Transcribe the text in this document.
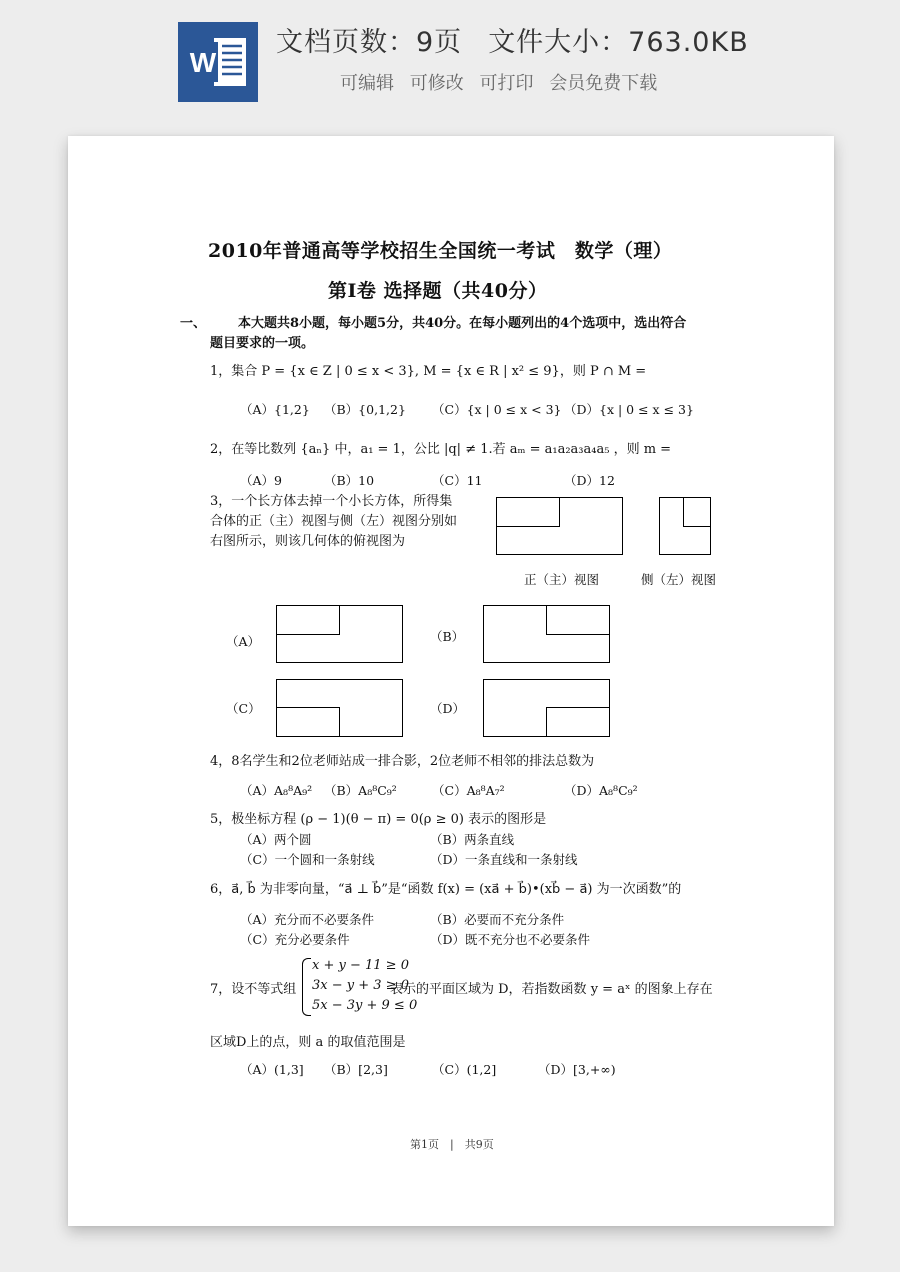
W
文档页数：9页 文件大小：763.0KB
可编辑 可修改 可打印 会员免费下载
2010年普通高等学校招生全国统一考试　数学（理）
第I卷 选择题（共40分）
一、 本大题共8小题，每小题5分，共40分。在每小题列出的4个选项中，选出符合
题目要求的一项。
1，集合 P = {x ∈ Z | 0 ≤ x < 3}, M = {x ∈ R | x² ≤ 9}，则 P ∩ M =
（A）{1,2} （B）{0,1,2} （C）{x | 0 ≤ x < 3} （D）{x | 0 ≤ x ≤ 3}
2，在等比数列 {aₙ} 中，a₁ = 1，公比 |q| ≠ 1.若 aₘ = a₁a₂a₃a₄a₅ ，则 m =
（A）9	（B）10	（C）11	（D）12
3，一个长方体去掉一个小长方体，所得集
合体的正（主）视图与侧（左）视图分别如
右图所示，则该几何体的俯视图为
正（主）视图	侧（左）视图
（A）	（B）
（C）	（D）
4，8名学生和2位老师站成一排合影，2位老师不相邻的排法总数为
（A）A₈⁸A₉² （B）A₈⁸C₉²	（C）A₈⁸A₇²	（D）A₈⁸C₉²
5，极坐标方程 (ρ − 1)(θ − π) = 0(ρ ≥ 0) 表示的图形是
（A）两个圆	（B）两条直线
（C）一个圆和一条射线	（D）一条直线和一条射线
6，a⃗, b⃗ 为非零向量，“a⃗ ⊥ b⃗”是“函数 f(x) = (xa⃗ + b⃗)•(xb⃗ − a⃗) 为一次函数”的
（A）充分而不必要条件	（B）必要而不充分条件
（C）充分必要条件	（D）既不充分也不必要条件
7，设不等式组
x + y − 11 ≥ 0
3x − y + 3 ≥ 0
5x − 3y + 9 ≤ 0
表示的平面区域为 D，若指数函数 y = aˣ 的图象上存在
区域D上的点，则 a 的取值范围是
（A）(1,3] （B）[2,3]	（C）(1,2]	（D）[3,+∞)
第1页　|　共9页
